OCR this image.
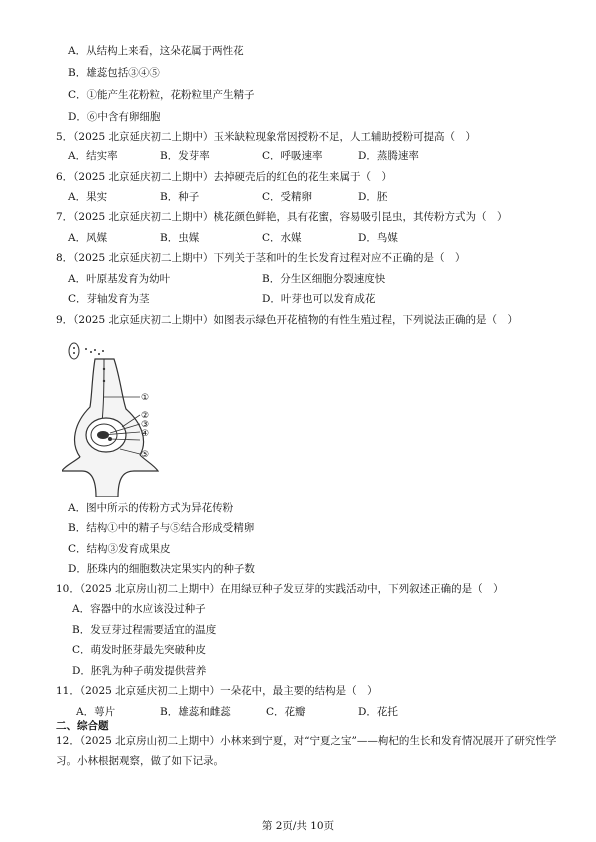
A．从结构上来看，这朵花属于两性花
B．雄蕊包括③④⑤
C．①能产生花粉粒，花粉粒里产生精子
D．⑥中含有卵细胞
5．（2025 北京延庆初二上期中）玉米缺粒现象常因授粉不足，人工辅助授粉可提高（　）
A．结实率	B．发芽率	C．呼吸速率	D．蒸腾速率
6．（2025 北京延庆初二上期中）去掉硬壳后的红色的花生来属于（　）
A．果实	B．种子	C．受精卵	D．胚
7．（2025 北京延庆初二上期中）桃花颜色鲜艳，具有花蜜，容易吸引昆虫，其传粉方式为（　）
A．风媒	B．虫媒	C．水媒	D．鸟媒
8．（2025 北京延庆初二上期中）下列关于茎和叶的生长发育过程对应不正确的是（　）
A．叶原基发育为幼叶	B．分生区细胞分裂速度快
C．芽轴发育为茎	D．叶芽也可以发育成花
9．（2025 北京延庆初二上期中）如图表示绿色开花植物的有性生殖过程，下列说法正确的是（　）
①
②
③
④
⑤
A．图中所示的传粉方式为异花传粉
B．结构①中的精子与⑤结合形成受精卵
C．结构③发育成果皮
D．胚珠内的细胞数决定果实内的种子数
10．（2025 北京房山初二上期中）在用绿豆种子发豆芽的实践活动中，下列叙述正确的是（　）
A．容器中的水应该没过种子
B．发豆芽过程需要适宜的温度
C．萌发时胚芽最先突破种皮
D．胚乳为种子萌发提供营养
11．（2025 北京延庆初二上期中）一朵花中，最主要的结构是（　）
A．萼片	B．雄蕊和雌蕊	C．花瓣	D．花托
二、综合题
12．（2025 北京房山初二上期中）小林来到宁夏，对“宁夏之宝”——枸杞的生长和发育情况展开了研究性学
习。小林根据观察，做了如下记录。
第 2页/共 10页
